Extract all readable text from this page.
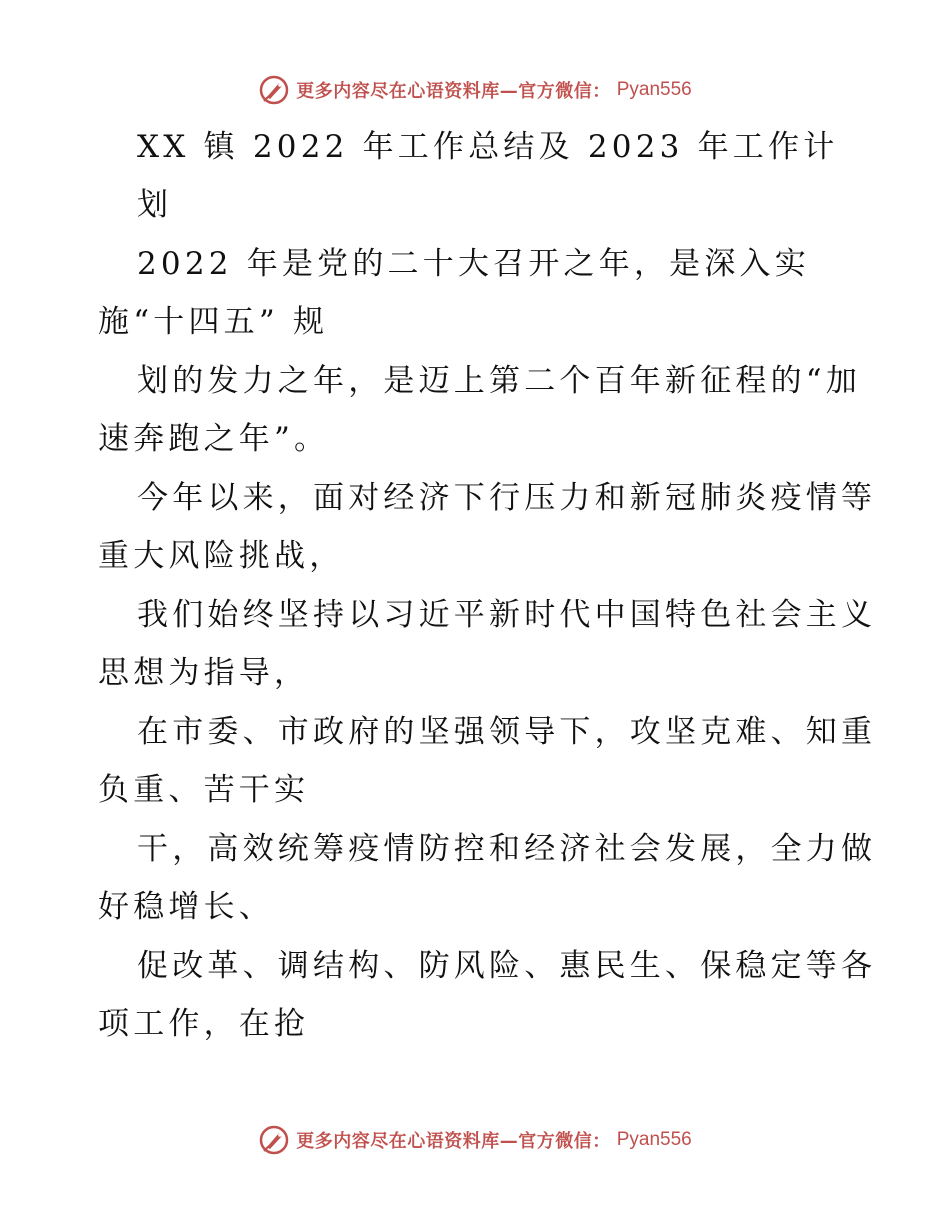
更多内容尽在心语资料库—官方微信： Pyan556
XX 镇 2022 年工作总结及 2023 年工作计
划
2022 年是党的二十大召开之年，是深入实
施“十四五” 规
划的发力之年，是迈上第二个百年新征程的“加
速奔跑之年”。
今年以来，面对经济下行压力和新冠肺炎疫情等
重大风险挑战，
我们始终坚持以习近平新时代中国特色社会主义
思想为指导，
在市委、市政府的坚强领导下，攻坚克难、知重
负重、苦干实
干，高效统筹疫情防控和经济社会发展，全力做
好稳增长、
促改革、调结构、防风险、惠民生、保稳定等各
项工作，在抢
更多内容尽在心语资料库—官方微信： Pyan556
